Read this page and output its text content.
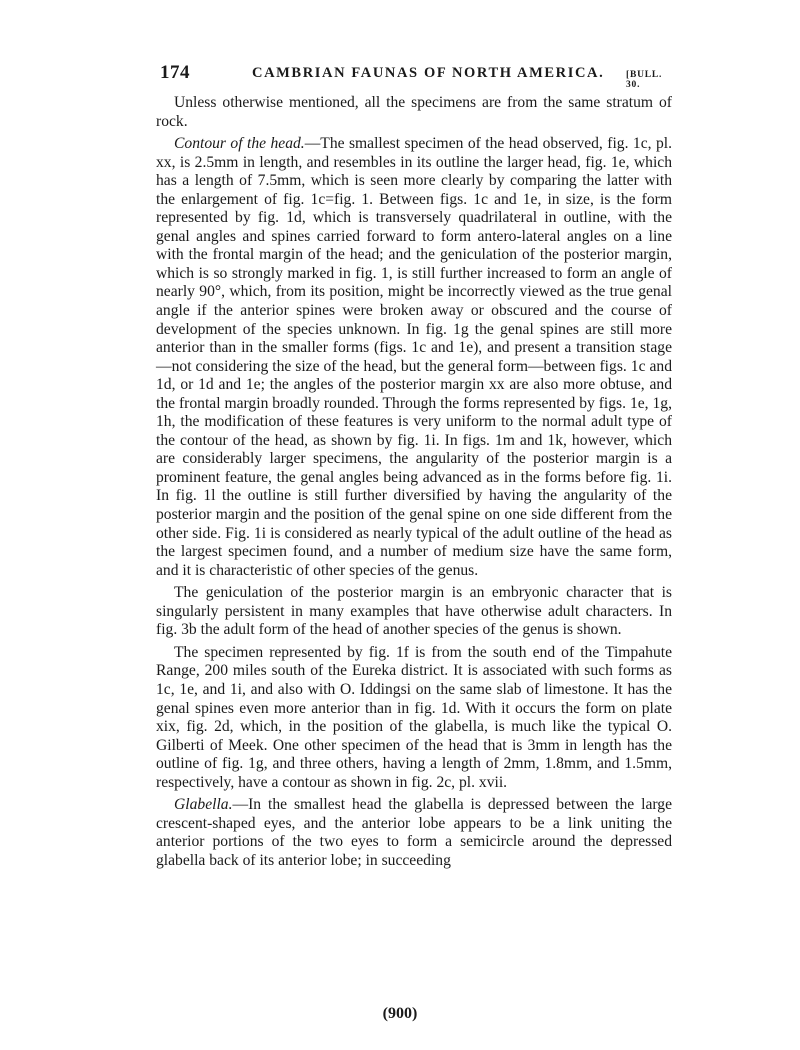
174	CAMBRIAN FAUNAS OF NORTH AMERICA. [BULL. 30.

Unless otherwise mentioned, all the specimens are from the same stratum of rock.

Contour of the head.—The smallest specimen of the head observed, fig. 1c, pl. xx, is 2.5mm in length, and resembles in its outline the larger head, fig. 1e, which has a length of 7.5mm, which is seen more clearly by comparing the latter with the enlargement of fig. 1c=fig. 1. Between figs. 1c and 1e, in size, is the form represented by fig. 1d, which is transversely quadrilateral in outline, with the genal angles and spines carried forward to form antero-lateral angles on a line with the frontal margin of the head; and the geniculation of the posterior margin, which is so strongly marked in fig. 1, is still further increased to form an angle of nearly 90°, which, from its position, might be incorrectly viewed as the true genal angle if the anterior spines were broken away or obscured and the course of development of the species unknown. In fig. 1g the genal spines are still more anterior than in the smaller forms (figs. 1c and 1e), and present a transition stage—not considering the size of the head, but the general form—between figs. 1c and 1d, or 1d and 1e; the angles of the posterior margin xx are also more obtuse, and the frontal margin broadly rounded. Through the forms represented by figs. 1e, 1g, 1h, the modification of these features is very uniform to the normal adult type of the contour of the head, as shown by fig. 1i. In figs. 1m and 1k, however, which are considerably larger specimens, the angularity of the posterior margin is a prominent feature, the genal angles being advanced as in the forms before fig. 1i. In fig. 1l the outline is still further diversified by having the angularity of the posterior margin and the position of the genal spine on one side different from the other side. Fig. 1i is considered as nearly typical of the adult outline of the head as the largest specimen found, and a number of medium size have the same form, and it is characteristic of other species of the genus.

The geniculation of the posterior margin is an embryonic character that is singularly persistent in many examples that have otherwise adult characters. In fig. 3b the adult form of the head of another species of the genus is shown.

The specimen represented by fig. 1f is from the south end of the Timpahute Range, 200 miles south of the Eureka district. It is associated with such forms as 1c, 1e, and 1i, and also with O. Iddingsi on the same slab of limestone. It has the genal spines even more anterior than in fig. 1d. With it occurs the form on plate xix, fig. 2d, which, in the position of the glabella, is much like the typical O. Gilberti of Meek. One other specimen of the head that is 3mm in length has the outline of fig. 1g, and three others, having a length of 2mm, 1.8mm, and 1.5mm, respectively, have a contour as shown in fig. 2c, pl. xvii.

Glabella.—In the smallest head the glabella is depressed between the large crescent-shaped eyes, and the anterior lobe appears to be a link uniting the anterior portions of the two eyes to form a semicircle around the depressed glabella back of its anterior lobe; in succeeding

(900)
